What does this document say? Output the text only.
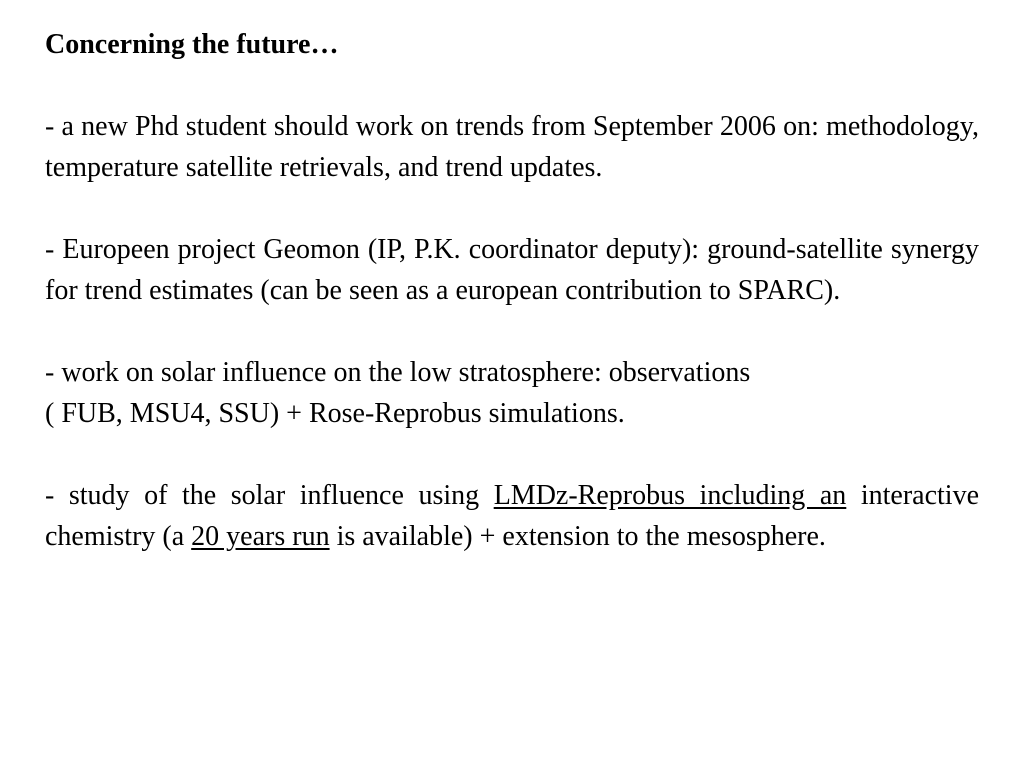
Concerning the future…
- a new Phd student should work on trends from September 2006 on: methodology, temperature satellite retrievals, and trend updates.
- Europeen project Geomon (IP, P.K. coordinator deputy): ground-satellite synergy for trend estimates (can be seen as a european contribution to SPARC).
- work on solar influence on the low stratosphere: observations
( FUB, MSU4, SSU) + Rose-Reprobus simulations.
- study of the solar influence using LMDz-Reprobus including an interactive chemistry (a 20 years run is available) + extension to the mesosphere.
